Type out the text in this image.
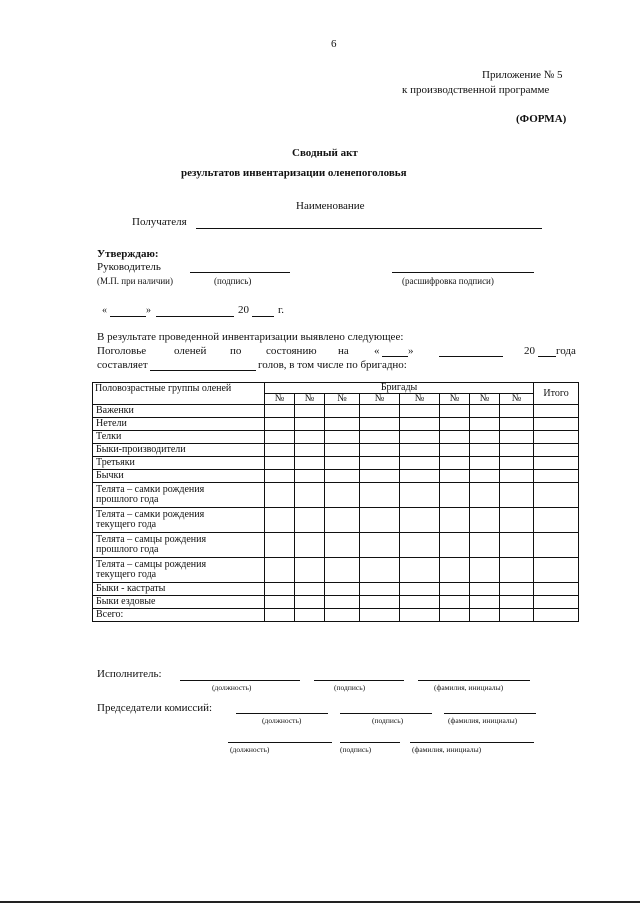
6
Приложение № 5
к производственной программе
(ФОРМА)
Сводный акт
результатов инвентаризации оленепоголовья
Наименование
Получателя
Утверждаю:
Руководитель
(М.П. при наличии)	(подпись)	(расшифровка подписи)
«	»	20	г.
В результате проведенной инвентаризации выявлено следующее:
Поголовье	оленей по состоянию на «	»	20 года
составляет	голов, в том числе по бригадно:
Половозрастные группы оленей	Бригады								Итого
	№	№	№	№	№	№	№	№	

Важенки									

Нетели									

Телки									

Быки-производители									

Третьяки									

Бычки									

Телята – самки рождения
прошлого года									

Телята – самки рождения
текущего года									

Телята – самцы рождения
прошлого года									

Телята – самцы рождения
текущего года									

Быки - кастраты									

Быки ездовые									

Всего:									

Исполнитель:
(должность)	(подпись)	(фамилия, инициалы)
Председатели комиссий:
(должность)	(подпись)	(фамилия, инициалы)
(должность)	(подпись)	(фамилия, инициалы)
